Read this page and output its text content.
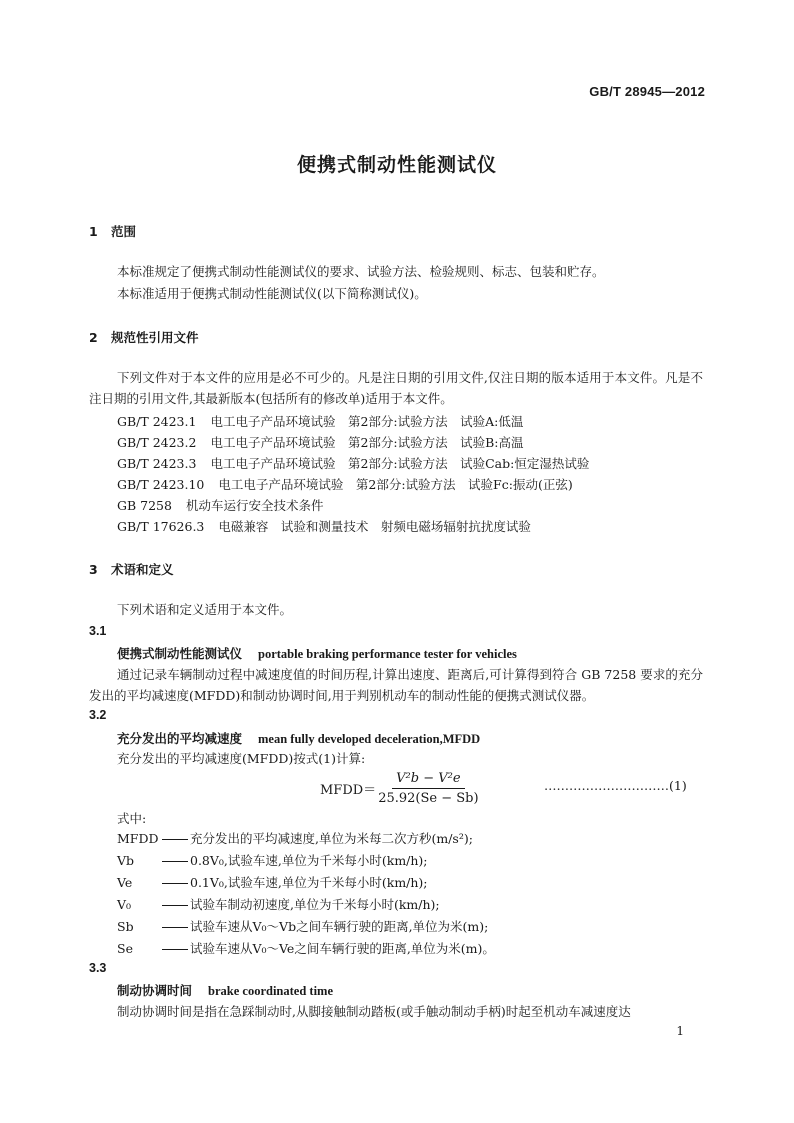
GB/T 28945—2012
便携式制动性能测试仪
1 范围
本标准规定了便携式制动性能测试仪的要求、试验方法、检验规则、标志、包装和贮存。
本标准适用于便携式制动性能测试仪(以下简称测试仪)。
2 规范性引用文件
下列文件对于本文件的应用是必不可少的。凡是注日期的引用文件,仅注日期的版本适用于本文件。凡是不注日期的引用文件,其最新版本(包括所有的修改单)适用于本文件。
GB/T 2423.1 电工电子产品环境试验　第2部分:试验方法　试验A:低温
GB/T 2423.2 电工电子产品环境试验　第2部分:试验方法　试验B:高温
GB/T 2423.3 电工电子产品环境试验　第2部分:试验方法　试验Cab:恒定湿热试验
GB/T 2423.10 电工电子产品环境试验　第2部分:试验方法　试验Fc:振动(正弦)
GB 7258 机动车运行安全技术条件
GB/T 17626.3 电磁兼容　试验和测量技术　射频电磁场辐射抗扰度试验
3 术语和定义
下列术语和定义适用于本文件。
3.1
便携式制动性能测试仪 portable braking performance tester for vehicles
通过记录车辆制动过程中减速度值的时间历程,计算出速度、距离后,可计算得到符合 GB 7258 要求的充分发出的平均减速度(MFDD)和制动协调时间,用于判别机动车的制动性能的便携式测试仪器。
3.2
充分发出的平均减速度 mean fully developed deceleration,MFDD
充分发出的平均减速度(MFDD)按式(1)计算:
MFDD＝ $\frac{\text{V²b − V²e}}{25.92(Se - Sb)}$	…………………………(1)
式中:
MFDD	充分发出的平均减速度,单位为米每二次方秒(m/s²);
Vb	0.8V₀,试验车速,单位为千米每小时(km/h);
Ve	0.1V₀,试验车速,单位为千米每小时(km/h);
V₀	试验车制动初速度,单位为千米每小时(km/h);
Sb	试验车速从V₀～Vb之间车辆行驶的距离,单位为米(m);
Se	试验车速从V₀～Ve之间车辆行驶的距离,单位为米(m)。
3.3
制动协调时间 brake coordinated time
制动协调时间是指在急踩制动时,从脚接触制动踏板(或手触动制动手柄)时起至机动车减速度达
1
